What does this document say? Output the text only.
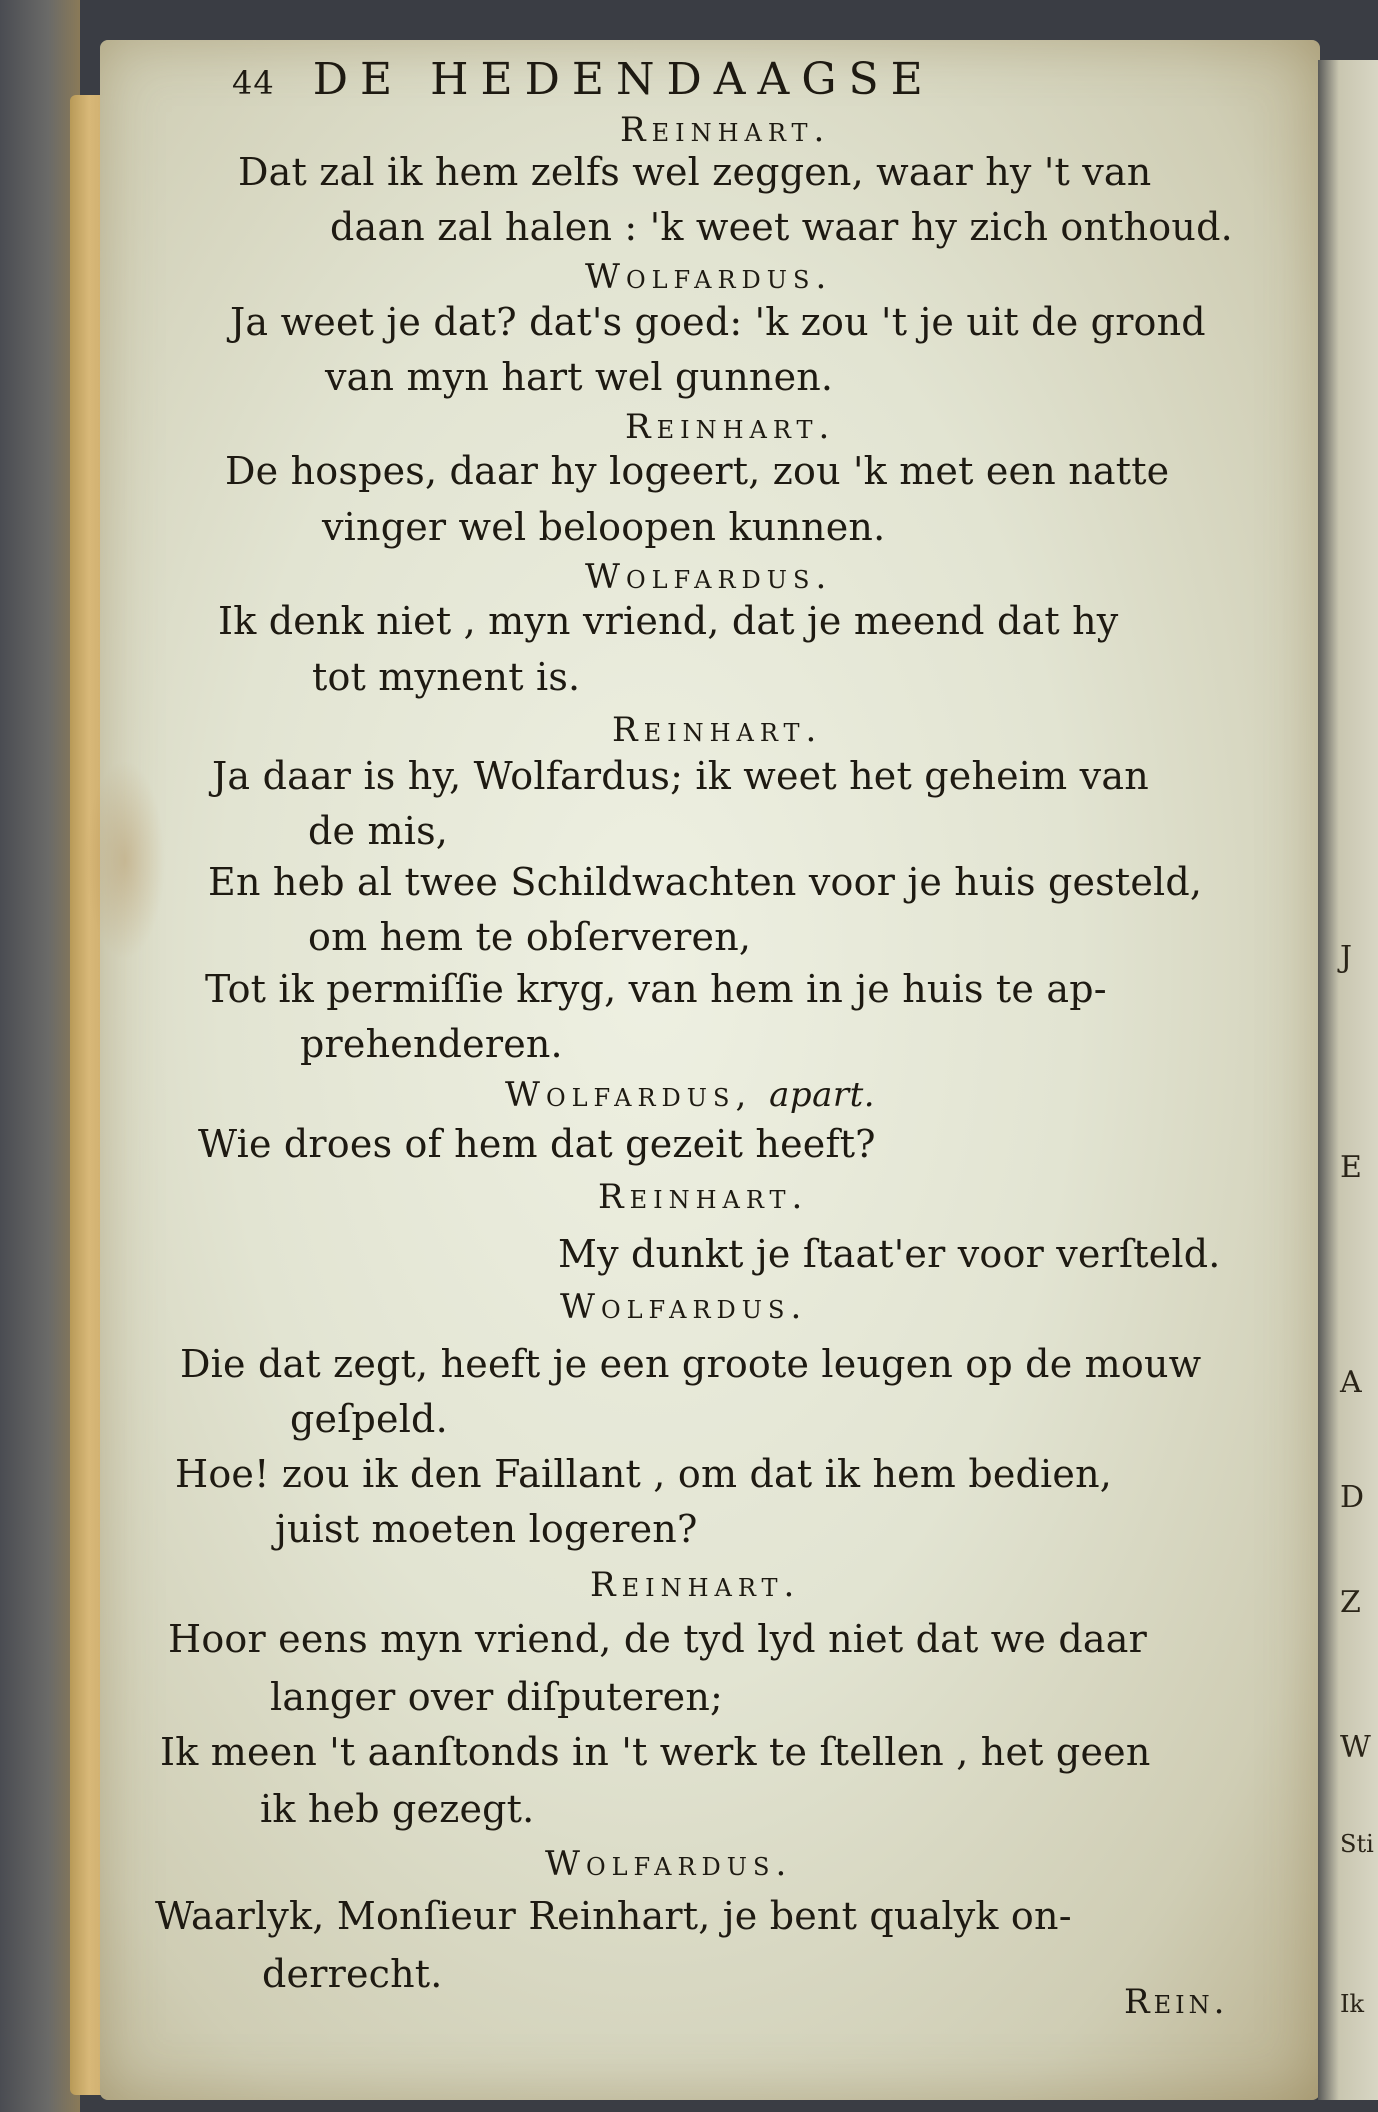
J
E
A
D
Z
W
Sti
Ik
44 DE HEDENDAAGSE

Reinhart.

Dat zal ik hem zelfs wel zeggen, waar hy 't van

daan zal halen : 'k weet waar hy zich onthoud.

Wolfardus.

Ja weet je dat? dat's goed: 'k zou 't je uit de grond

van myn hart wel gunnen.

Reinhart.

De hospes, daar hy logeert, zou 'k met een natte

vinger wel beloopen kunnen.

Wolfardus.

Ik denk niet , myn vriend, dat je meend dat hy

tot mynent is.

Reinhart.

Ja daar is hy, Wolfardus; ik weet het geheim van

de mis,

En heb al twee Schildwachten voor je huis gesteld,

om hem te obſerveren,

Tot ik permiſſie kryg, van hem in je huis te ap-

prehenderen.

Wolfardus, apart.

Wie droes of hem dat gezeit heeft?

Reinhart.

My dunkt je ſtaat'er voor verſteld.

Wolfardus.

Die dat zegt, heeft je een groote leugen op de mouw

geſpeld.

Hoe! zou ik den Faillant , om dat ik hem bedien,

juist moeten logeren?

Reinhart.

Hoor eens myn vriend, de tyd lyd niet dat we daar

langer over diſputeren;

Ik meen 't aanſtonds in 't werk te ſtellen , het geen

ik heb gezegt.

Wolfardus.

Waarlyk, Monſieur Reinhart, je bent qualyk on-

derrecht.

Rein.
